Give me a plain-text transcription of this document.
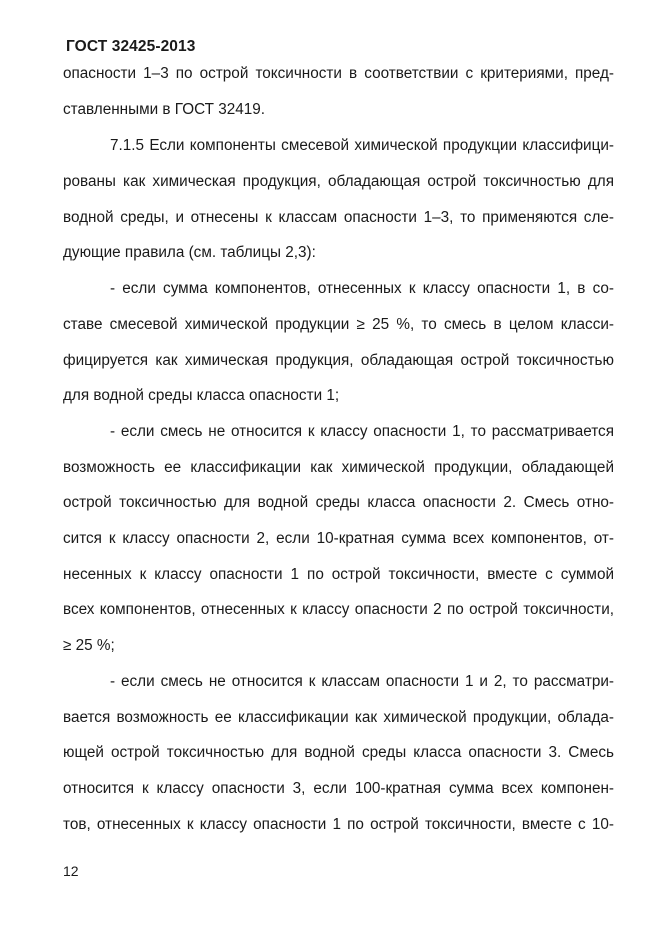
ГОСТ 32425-2013
опасности 1–3 по острой токсичности в соответствии с критериями, пред-
ставленными в ГОСТ 32419.
7.1.5 Если компоненты смесевой химической продукции классифици-
рованы как химическая продукция, обладающая острой токсичностью для
водной среды, и отнесены к классам опасности 1–3, то применяются сле-
дующие правила (см. таблицы 2,3):
- если сумма компонентов, отнесенных к классу опасности 1, в со-
ставе смесевой химической продукции ≥ 25 %, то смесь в целом класси-
фицируется как химическая продукция, обладающая острой токсичностью
для водной среды класса опасности 1;
- если смесь не относится к классу опасности 1, то рассматривается
возможность ее классификации как химической продукции, обладающей
острой токсичностью для водной среды класса опасности 2. Смесь отно-
сится к классу опасности 2, если 10-кратная сумма всех компонентов, от-
несенных к классу опасности 1 по острой токсичности, вместе с суммой
всех компонентов, отнесенных к классу опасности 2 по острой токсичности,
≥ 25 %;
- если смесь не относится к классам опасности 1 и 2, то рассматри-
вается возможность ее классификации как химической продукции, облада-
ющей острой токсичностью для водной среды класса опасности 3. Смесь
относится к классу опасности 3, если 100-кратная сумма всех компонен-
тов, отнесенных к классу опасности 1 по острой токсичности, вместе с 10-
12
